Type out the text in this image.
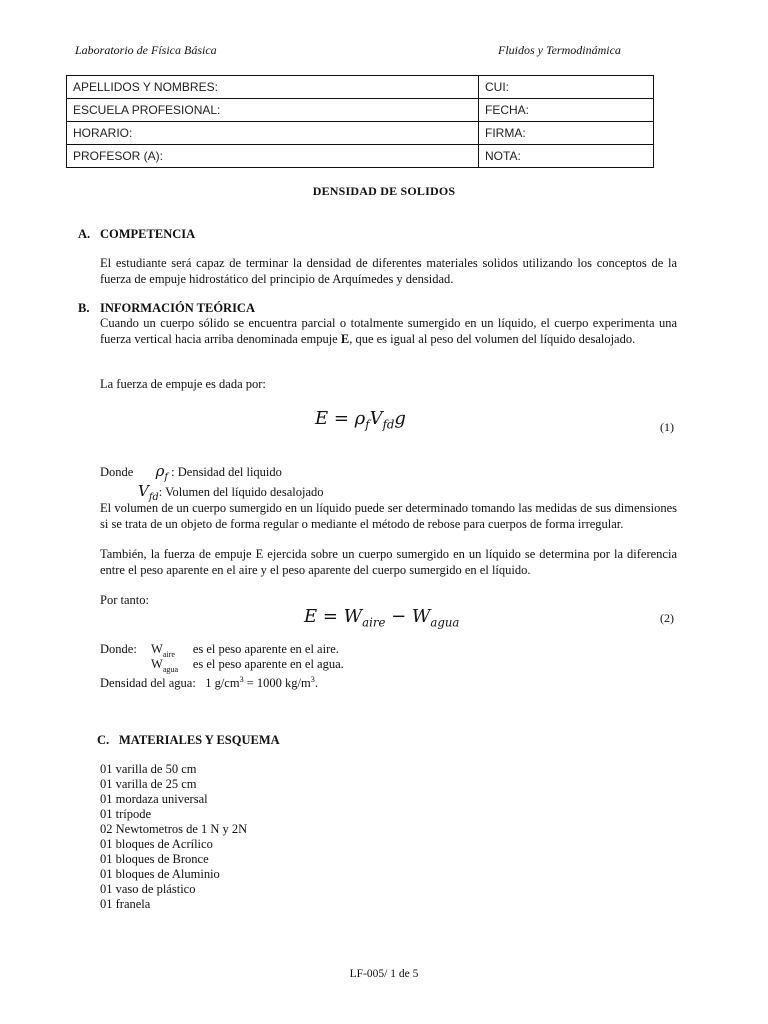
Laboratorio de Física Básica	Fluidos y Termodinámica
APELLIDOS Y NOMBRES:	CUI:
ESCUELA PROFESIONAL:	FECHA:
HORARIO:	FIRMA:
PROFESOR (A):	NOTA:
DENSIDAD DE SOLIDOS
A. COMPETENCIA
El estudiante será capaz de terminar la densidad de diferentes materiales solidos utilizando los conceptos de la fuerza de empuje hidrostático del principio de Arquímedes y densidad.
B. INFORMACIÓN TEÓRICA
Cuando un cuerpo sólido se encuentra parcial o totalmente sumergido en un líquido, el cuerpo experimenta una fuerza vertical hacia arriba denominada empuje E, que es igual al peso del volumen del líquido desalojado.
La fuerza de empuje es dada por:
$E = \rho_fV_{fd}g$	(1)
Donde $\rho_f$ : Densidad del liquido
$V_{fd}$: Volumen del líquido desalojado
El volumen de un cuerpo sumergido en un líquido puede ser determinado tomando las medidas de sus dimensiones si se trata de un objeto de forma regular o mediante el método de rebose para cuerpos de forma irregular.
También, la fuerza de empuje E ejercida sobre un cuerpo sumergido en un líquido se determina por la diferencia entre el peso aparente en el aire y el peso aparente del cuerpo sumergido en el líquido.
Por tanto:
$E = W_{aire} - W_{agua}$	(2)
Donde: $W_{aire}$ es el peso aparente en el aire.
$W_{agua}$ es el peso aparente en el agua.
Densidad del agua: 1 $g/cm^3 = 1000$ $kg/m^3$.
C. MATERIALES Y ESQUEMA
01 varilla de 50 cm
01 varilla de 25 cm
01 mordaza universal
01 trípode
02 Newtometros de 1 N y 2N
01 bloques de Acrílico
01 bloques de Bronce
01 bloques de Aluminio
01 vaso de plástico
01 franela
LF-005/ 1 de 5
